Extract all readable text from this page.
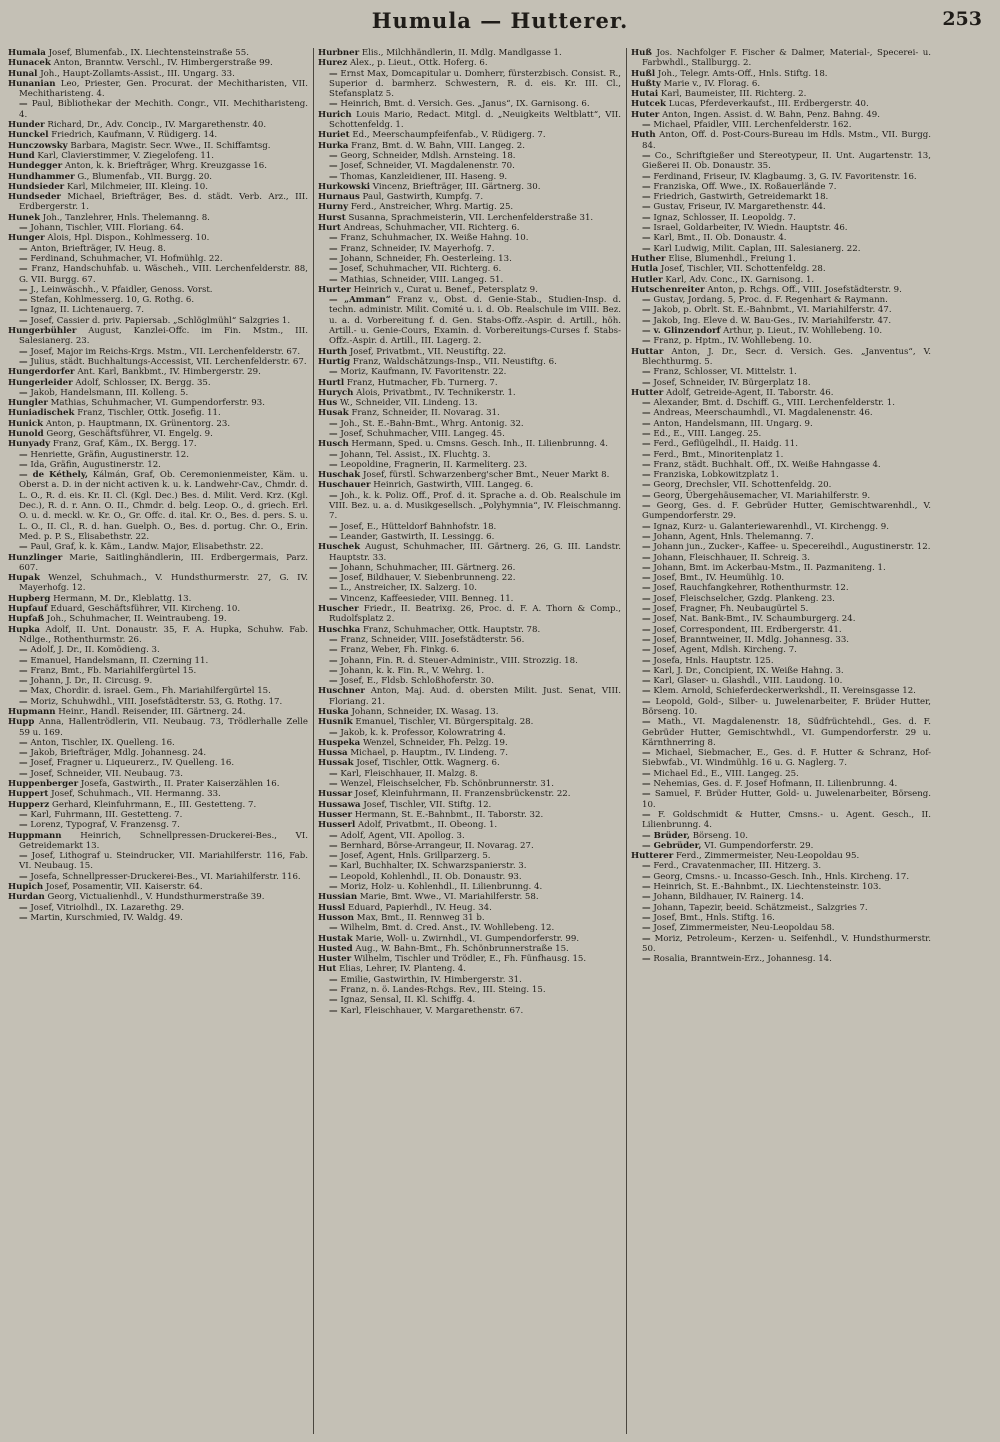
Humula — Hutterer.	253

Humala Josef, Blumenfab., IX. Liechtensteinstraße 55.

Hunacek Anton, Branntw. Verschl., IV. Himbergerstraße 99.

Hunal Joh., Haupt-Zollamts-Assist., III. Ungarg. 33.

Hunanian Leo, Priester, Gen. Procurat. der Mechitharisten, VII. Mechitharisteng. 4.

— Paul, Bibliothekar der Mechith. Congr., VII. Mechitharisteng. 4.

Hunder Richard, Dr., Adv. Concip., IV. Margarethenstr. 40.

Hunckel Friedrich, Kaufmann, V. Rüdigerg. 14.

Hunczowsky Barbara, Magistr. Secr. Wwe., II. Schiffamtsg.

Hund Karl, Clavierstimmer, V. Ziegelofeng. 11.

Hundegger Anton, k. k. Briefträger, Whrg. Kreuzgasse 16.

Hundhammer G., Blumenfab., VII. Burgg. 20.

Hundsieder Karl, Milchmeier, III. Kleing. 10.

Hundseder Michael, Briefträger, Bes. d. städt. Verb. Arz., III. Erdbergerstr. 1.

Hunek Joh., Tanzlehrer, Hnls. Thelemanng. 8.

— Johann, Tischler, VIII. Floriang. 64.

Hunger Alois, Hpl. Dispon., Kohlmesserg. 10.

— Anton, Briefträger, IV. Heug. 8.

— Ferdinand, Schuhmacher, VI. Hofmühlg. 22.

— Franz, Handschuhfab. u. Wäscheh., VIII. Lerchenfelderstr. 88, G. VII. Burgg. 67.

— J., Leinwäschh., V. Pfaidler, Genoss. Vorst.

— Stefan, Kohlmesserg. 10, G. Rothg. 6.

— Ignaz, II. Lichtenauerg. 7.

— Josef, Cassier d. priv. Papiersab. „Schlöglmühl“ Salzgries 1.

Hungerbühler August, Kanzlei-Offc. im Fin. Mstm., III. Salesianerg. 23.

— Josef, Major im Reichs-Krgs. Mstm., VII. Lerchenfelderstr. 67.

— Julius, städt. Buchhaltungs-Accessist, VII. Lerchenfelderstr. 67.

Hungerdorfer Ant. Karl, Bankbmt., IV. Himbergerstr. 29.

Hungerleider Adolf, Schlosser, IX. Bergg. 35.

— Jakob, Handelsmann, III. Kolleng. 5.

Hungler Mathias, Schuhmacher, VI. Gumpendorferstr. 93.

Huniadischek Franz, Tischler, Ottk. Josefig. 11.

Hunick Anton, p. Hauptmann, IX. Grünentorg. 23.

Hunold Georg, Geschäftsführer, VI. Engelg. 9.

Hunyady Franz, Graf, Käm., IX. Bergg. 17.

— Henriette, Gräfin, Augustinerstr. 12.

— Ida, Gräfin, Augustinerstr. 12.

— de Kéthely, Kálmán, Graf, Ob. Ceremonienmeister, Käm. u. Oberst a. D. in der nicht activen k. u. k. Landwehr-Cav., Chmdr. d. L. O., R. d. eis. Kr. II. Cl. (Kgl. Dec.) Bes. d. Milit. Verd. Krz. (Kgl. Dec.), R. d. r. Ann. O. II., Chmdr. d. belg. Leop. O., d. griech. Erl. O. u. d. meckl. w. Kr. O., Gr. Offc. d. ital. Kr. O., Bes. d. pers. S. u. L. O., II. Cl., R. d. han. Guelph. O., Bes. d. portug. Chr. O., Erin. Med. p. P. S., Elisabethstr. 22.

— Paul, Graf, k. k. Käm., Landw. Major, Elisabethstr. 22.

Hunzlinger Marie, Saitlinghändlerin, III. Erdbergermais, Parz. 607.

Hupak Wenzel, Schuhmach., V. Hundsthurmerstr. 27, G. IV. Mayerhofg. 12.

Hupberg Hermann, M. Dr., Kleblattg. 13.

Hupfauf Eduard, Geschäftsführer, VII. Kircheng. 10.

Hupfaß Joh., Schuhmacher, II. Weintraubeng. 19.

Hupka Adolf, II. Unt. Donaustr. 35, F. A. Hupka, Schuhw. Fab. Ndlge., Rothenthurmstr. 26.

— Adolf, J. Dr., II. Komödieng. 3.

— Emanuel, Handelsmann, II. Czerning 11.

— Franz, Bmt., Fb. Mariahilfergürtel 15.

— Johann, J. Dr., II. Circusg. 9.

— Max, Chordir. d. israel. Gem., Fh. Mariahilfergürtel 15.

— Moriz, Schuhwdhl., VIII. Josefstädterstr. 53, G. Rothg. 17.

Hupmann Heinr., Handl. Reisender, III. Gärtnerg. 24.

Hupp Anna, Hallentrödlerin, VII. Neubaug. 73, Trödlerhalle Zelle 59 u. 169.

— Anton, Tischler, IX. Quelleng. 16.

— Jakob, Briefträger, Mdlg. Johannesg. 24.

— Josef, Fragner u. Liqueurerz., IV. Quelleng. 16.

— Josef, Schneider, VII. Neubaug. 73.

Huppenberger Josefa, Gastwirth., II. Prater Kaiserzählen 16.

Huppert Josef, Schuhmach., VII. Hermanng. 33.

Hupperz Gerhard, Kleinfuhrmann, E., III. Gestetteng. 7.

— Karl, Fuhrmann, III. Gestetteng. 7.

— Lorenz, Typograf, V. Franzensg. 7.

Huppmann Heinrich, Schnellpressen-Druckerei-Bes., VI. Getreidemarkt 13.

— Josef, Lithograf u. Steindrucker, VII. Mariahilferstr. 116, Fab. VI. Neubaug. 15.

— Josefa, Schnellpresser-Druckerei-Bes., VI. Mariahilferstr. 116.

Hupich Josef, Posamentir, VII. Kaiserstr. 64.

Hurdan Georg, Victualienhdl., V. Hundsthurmerstraße 39.

— Josef, Vitriolhdl., IX. Lazarethg. 29.

— Martin, Kurschmied, IV. Waldg. 49.

Hurbner Elis., Milchhändlerin, II. Mdlg. Mandlgasse 1.

Hurez Alex., p. Lieut., Ottk. Hoferg. 6.

— Ernst Max, Domcapitular u. Domherr, fürsterzbisch. Consist. R., Superior d. barmherz. Schwestern, R. d. eis. Kr. III. Cl., Stefansplatz 5.

— Heinrich, Bmt. d. Versich. Ges. „Janus“, IX. Garnisong. 6.

Hurich Louis Mario, Redact. Mitgl. d. „Neuigkeits Weltblatt“, VII. Schottenfeldg. 1.

Huriet Ed., Meerschaumpfeifenfab., V. Rüdigerg. 7.

Hurka Franz, Bmt. d. W. Bahn, VIII. Langeg. 2.

— Georg, Schneider, Mdlsh. Arnsteing. 18.

— Josef, Schneider, VI. Magdalenenstr. 70.

— Thomas, Kanzleidiener, III. Haseng. 9.

Hurkowski Vincenz, Briefträger, III. Gärtnerg. 30.

Hurnaus Paul, Gastwirth, Kumpfg. 7.

Hurny Ferd., Anstreicher, Whrg. Martig. 25.

Hurst Susanna, Sprachmeisterin, VII. Lerchenfelderstraße 31.

Hurt Andreas, Schuhmacher, VII. Richterg. 6.

— Franz, Schuhmacher, IX. Weiße Hahng. 10.

— Franz, Schneider, IV. Mayerhofg. 7.

— Johann, Schneider, Fh. Oesterleing. 13.

— Josef, Schuhmacher, VII. Richterg. 6.

— Mathias, Schneider, VIII. Langeg. 51.

Hurter Heinrich v., Curat u. Benef., Petersplatz 9.

— „Amman“ Franz v., Obst. d. Genie-Stab., Studien-Insp. d. techn. administr. Milit. Comité u. i. d. Ob. Realschule im VIII. Bez. u. a. d. Vorbereitung f. d. Gen. Stabs-Offz.-Aspir. d. Artill., höh. Artill.- u. Genie-Cours, Examin. d. Vorbereitungs-Curses f. Stabs-Offz.-Aspir. d. Artill., III. Lagerg. 2.

Hurth Josef, Privatbmt., VII. Neustiftg. 22.

Hurtig Franz, Waldschätzungs-Insp., VII. Neustiftg. 6.

— Moriz, Kaufmann, IV. Favoritenstr. 22.

Hurtl Franz, Hutmacher, Fb. Turnerg. 7.

Hurych Alois, Privatbmt., IV. Technikerstr. 1.

Hus W., Schneider, VII. Lindeng. 13.

Husak Franz, Schneider, II. Novarag. 31.

— Joh., St. E.-Bahn-Bmt., Whrg. Antonig. 32.

— Josef, Schuhmacher, VIII. Langeg. 45.

Husch Hermann, Sped. u. Cmsns. Gesch. Inh., II. Lilienbrunng. 4.

— Johann, Tel. Assist., IX. Fluchtg. 3.

— Leopoldine, Fragnerin, II. Karmeliterg. 23.

Huschak Josef, fürstl. Schwarzenberg'scher Bmt., Neuer Markt 8.

Huschauer Heinrich, Gastwirth, VIII. Langeg. 6.

— Joh., k. k. Poliz. Off., Prof. d. it. Sprache a. d. Ob. Realschule im VIII. Bez. u. a. d. Musikgesellsch. „Polyhymnia“, IV. Fleischmanng. 7.

— Josef, E., Hütteldorf Bahnhofstr. 18.

— Leander, Gastwirth, II. Lessingg. 6.

Huschek August, Schuhmacher, III. Gärtnerg. 26, G. III. Landstr. Hauptstr. 33.

— Johann, Schuhmacher, III. Gärtnerg. 26.

— Josef, Bildhauer, V. Siebenbrunneng. 22.

— L., Anstreicher, IX. Salzerg. 10.

— Vincenz, Kaffeesieder, VIII. Benneg. 11.

Huscher Friedr., II. Beatrixg. 26, Proc. d. F. A. Thorn & Comp., Rudolfsplatz 2.

Huschka Franz, Schuhmacher, Ottk. Hauptstr. 78.

— Franz, Schneider, VIII. Josefstädterstr. 56.

— Franz, Weber, Fh. Finkg. 6.

— Johann, Fin. R. d. Steuer-Administr., VIII. Strozzig. 18.

— Johann, k. k. Fin. R., V. Wehrg. 1.

— Josef, E., Fldsb. Schloßhoferstr. 30.

Huschner Anton, Maj. Aud. d. obersten Milit. Just. Senat, VIII. Floriang. 21.

Huska Johann, Schneider, IX. Wasag. 13.

Husnik Emanuel, Tischler, VI. Bürgerspitalg. 28.

— Jakob, k. k. Professor, Kolowratring 4.

Huspeka Wenzel, Schneider, Fh. Pelzg. 19.

Hussa Michael, p. Hauptm., IV. Lindeng. 7.

Hussak Josef, Tischler, Ottk. Wagnerg. 6.

— Karl, Fleischhauer, II. Malzg. 8.

— Wenzel, Fleischselcher, Fb. Schönbrunnerstr. 31.

Hussar Josef, Kleinfuhrmann, II. Franzensbrückenstr. 22.

Hussawa Josef, Tischler, VII. Stiftg. 12.

Husser Hermann, St. E.-Bahnbmt., II. Taborstr. 32.

Husserl Adolf, Privatbmt., II. Obeong. 1.

— Adolf, Agent, VII. Apollog. 3.

— Bernhard, Börse-Arrangeur, II. Novarag. 27.

— Josef, Agent, Hnls. Grillparzerg. 5.

— Karl, Buchhalter, IX. Schwarzspanierstr. 3.

— Leopold, Kohlenhdl., II. Ob. Donaustr. 93.

— Moriz, Holz- u. Kohlenhdl., II. Lilienbrunng. 4.

Hussian Marie, Bmt. Wwe., VI. Mariahilferstr. 58.

Hussl Eduard, Papierhdl., IV. Heug. 34.

Husson Max, Bmt., II. Rennweg 31 b.

— Wilhelm, Bmt. d. Cred. Anst., IV. Wohllebeng. 12.

Hustak Marie, Woll- u. Zwirnhdl., VI. Gumpendorferstr. 99.

Husted Aug., W. Bahn-Bmt., Fh. Schönbrunnerstraße 15.

Huster Wilhelm, Tischler und Trödler, E., Fh. Fünfhausg. 15.

Hut Elias, Lehrer, IV. Planteng. 4.

— Emilie, Gastwirthin, IV. Himbergerstr. 31.

— Franz, n. ö. Landes-Rchgs. Rev., III. Steing. 15.

— Ignaz, Sensal, II. Kl. Schiffg. 4.

— Karl, Fleischhauer, V. Margarethenstr. 67.

Huß Jos. Nachfolger F. Fischer & Dalmer, Material-, Specerei- u. Farbwhdl., Stallburgg. 2.

Hußl Joh., Telegr. Amts-Off., Hnls. Stiftg. 18.

Hußty Marie v., IV. Florag. 6.

Hutai Karl, Baumeister, III. Richterg. 2.

Hutcek Lucas, Pferdeverkaufst., III. Erdbergerstr. 40.

Huter Anton, Ingen. Assist. d. W. Bahn, Penz. Bahng. 49.

— Michael, Pfaidler, VIII. Lerchenfelderstr. 162.

Huth Anton, Off. d. Post-Cours-Bureau im Hdls. Mstm., VII. Burgg. 84.

— Co., Schriftgießer und Stereotypeur, II. Unt. Augartenstr. 13, Gießerei II. Ob. Donaustr. 35.

— Ferdinand, Friseur, IV. Klagbaumg. 3, G. IV. Favoritenstr. 16.

— Franziska, Off. Wwe., IX. Roßauerlände 7.

— Friedrich, Gastwirth, Getreidemarkt 18.

— Gustav, Friseur, IV. Margarethenstr. 44.

— Ignaz, Schlosser, II. Leopoldg. 7.

— Israel, Goldarbeiter, IV. Wiedn. Hauptstr. 46.

— Karl, Bmt., II. Ob. Donaustr. 4.

— Karl Ludwig, Milit. Caplan, III. Salesianerg. 22.

Huther Elise, Blumenhdl., Freiung 1.

Hutla Josef, Tischler, VII. Schottenfeldg. 28.

Hutler Karl, Adv. Conc., IX. Garnisong. 1.

Hutschenreiter Anton, p. Rchgs. Off., VIII. Josefstädterstr. 9.

— Gustav, Jordang. 5, Proc. d. F. Regenhart & Raymann.

— Jakob, p. Obrlt. St. E.-Bahnbmt., VI. Mariahilferstr. 47.

— Jakob, Ing. Eleve d. W. Bau-Ges., IV. Mariahilferstr. 47.

— v. Glinzendorf Arthur, p. Lieut., IV. Wohllebeng. 10.

— Franz, p. Hptm., IV. Wohllebeng. 10.

Huttar Anton, J. Dr., Secr. d. Versich. Ges. „Janventus“, V. Blechthurmg. 5.

— Franz, Schlosser, VI. Mittelstr. 1.

— Josef, Schneider, IV. Bürgerplatz 18.

Hutter Adolf, Getreide-Agent, II. Taborstr. 46.

— Alexander, Bmt. d. Dschiff. G., VIII. Lerchenfelderstr. 1.

— Andreas, Meerschaumhdl., VI. Magdalenenstr. 46.

— Anton, Handelsmann, III. Ungarg. 9.

— Ed., E., VIII. Langeg. 25.

— Ferd., Geflügelhdl., II. Haidg. 11.

— Ferd., Bmt., Minoritenplatz 1.

— Franz, städt. Buchhalt. Off., IX. Weiße Hahngasse 4.

— Franziska, Lobkowitzplatz 1.

— Georg, Drechsler, VII. Schottenfeldg. 20.

— Georg, Übergehäusemacher, VI. Mariahilferstr. 9.

— Georg, Ges. d. F. Gebrüder Hutter, Gemischtwarenhdl., V. Gumpendorferstr. 29.

— Ignaz, Kurz- u. Galanteriewarenhdl., VI. Kirchengg. 9.

— Johann, Agent, Hnls. Thelemanng. 7.

— Johann jun., Zucker-, Kaffee- u. Specereihdl., Augustinerstr. 12.

— Johann, Fleischhauer, II. Schreig. 3.

— Johann, Bmt. im Ackerbau-Mstm., II. Pazmaniteng. 1.

— Josef, Bmt., IV. Heumühlg. 10.

— Josef, Rauchfangkehrer, Rothenthurmstr. 12.

— Josef, Fleischselcher, Gzdg. Plankeng. 23.

— Josef, Fragner, Fh. Neubaugürtel 5.

— Josef, Nat. Bank-Bmt., IV. Schaumburgerg. 24.

— Josef, Correspondent, III. Erdbergerstr. 41.

— Josef, Branntweiner, II. Mdlg. Johannesg. 33.

— Josef, Agent, Mdlsh. Kircheng. 7.

— Josefa, Hnls. Hauptstr. 125.

— Karl, J. Dr., Concipient, IX. Weiße Hahng. 3.

— Karl, Glaser- u. Glashdl., VIII. Laudong. 10.

— Klem. Arnold, Schieferdeckerwerkshdl., II. Vereinsgasse 12.

— Leopold, Gold-, Silber- u. Juwelenarbeiter, F. Brüder Hutter, Börseng. 10.

— Math., VI. Magdalenenstr. 18, Südfrüchtehdl., Ges. d. F. Gebrüder Hutter, Gemischtwhdl., VI. Gumpendorferstr. 29 u. Kärnthnerring 8.

— Michael, Siebmacher, E., Ges. d. F. Hutter & Schranz, Hof-Siebwfab., VI. Windmühlg. 16 u. G. Naglerg. 7.

— Michael Ed., E., VIII. Langeg. 25.

— Nehemias, Ges. d. F. Josef Hofmann, II. Lilienbrunng. 4.

— Samuel, F. Brüder Hutter, Gold- u. Juwelenarbeiter, Börseng. 10.

— F. Goldschmidt & Hutter, Cmsns.- u. Agent. Gesch., II. Lilienbrunng. 4.

— Brüder, Börseng. 10.

— Gebrüder, VI. Gumpendorferstr. 29.

Hutterer Ferd., Zimmermeister, Neu-Leopoldau 95.

— Ferd., Cravatenmacher, III. Hitzerg. 3.

— Georg, Cmsns.- u. Incasso-Gesch. Inh., Hnls. Kircheng. 17.

— Heinrich, St. E.-Bahnbmt., IX. Liechtensteinstr. 103.

— Johann, Bildhauer, IV. Rainerg. 14.

— Johann, Tapezir, beeid. Schätzmeist., Salzgries 7.

— Josef, Bmt., Hnls. Stiftg. 16.

— Josef, Zimmermeister, Neu-Leopoldau 58.

— Moriz, Petroleum-, Kerzen- u. Seifenhdl., V. Hundsthurmerstr. 50.

— Rosalia, Branntwein-Erz., Johannesg. 14.
